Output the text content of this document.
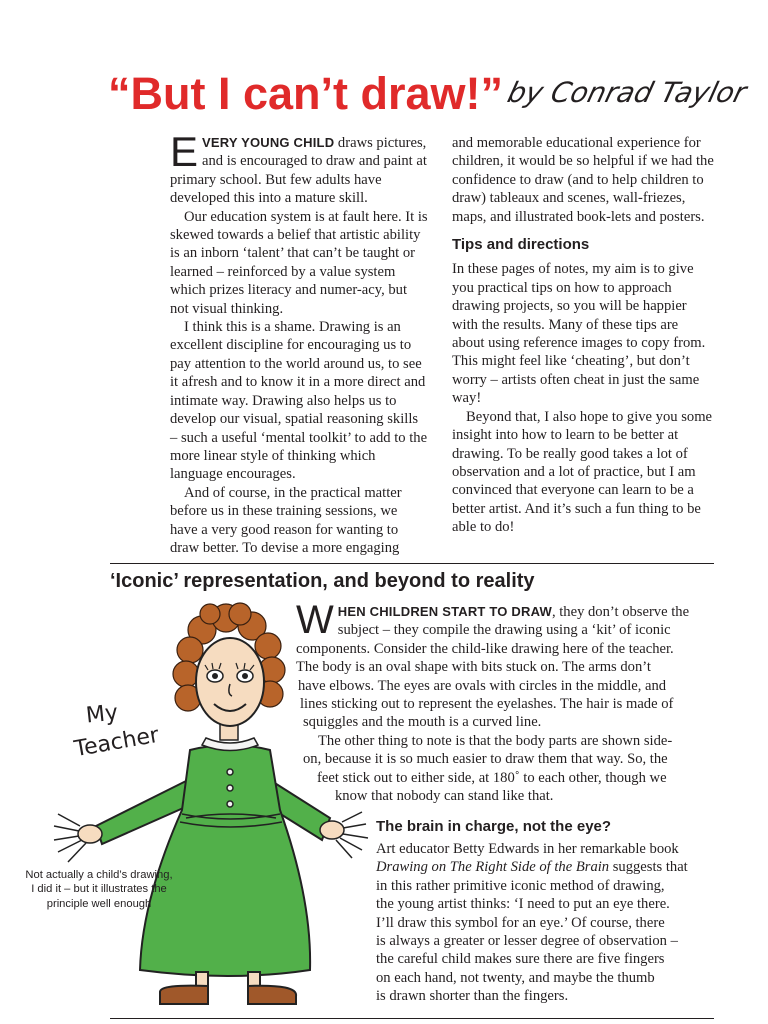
“But I can’t draw!” by Conrad Taylor

EVERY YOUNG CHILD draws pictures, and is encouraged to draw and paint at primary school. But few adults have developed this into a mature skill.

Our education system is at fault here. It is skewed towards a belief that artistic ability is an inborn ‘talent’ that can’t be taught or learned – reinforced by a value system which prizes literacy and numer-acy, but not visual thinking.

I think this is a shame. Drawing is an excellent discipline for encouraging us to pay attention to the world around us, to see it afresh and to know it in a more direct and intimate way. Drawing also helps us to develop our visual, spatial reasoning skills – such a useful ‘mental toolkit’ to add to the more linear style of thinking which language encourages.

And of course, in the practical matter before us in these training sessions, we have a very good reason for wanting to draw better. To devise a more engaging

and memorable educational experience for children, it would be so helpful if we had the confidence to draw (and to help children to draw) tableaux and scenes, wall-friezes, maps, and illustrated book-lets and posters.

Tips and directions

In these pages of notes, my aim is to give you practical tips on how to approach drawing projects, so you will be happier with the results. Many of these tips are about using reference images to copy from. This might feel like ‘cheating’, but don’t worry – artists often cheat in just the same way!

Beyond that, I also hope to give you some insight into how to learn to be better at drawing. To be really good takes a lot of observation and a lot of practice, but I am convinced that everyone can learn to be a better artist. And it’s such a fun thing to be able to do!

‘Iconic’ representation, and beyond to reality
WHEN CHILDREN START TO DRAW, they don’t observe the
subject – they compile the drawing using a ‘kit’ of iconic
components. Consider the child-like drawing here of the teacher.
The body is an oval shape with bits stuck on. The arms don’t
have elbows. The eyes are ovals with circles in the middle, and
lines sticking out to represent the eyelashes. The hair is made of
squiggles and the mouth is a curved line.
The other thing to note is that the body parts are shown side-
on, because it is so much easier to draw them that way. So, the
feet stick out to either side, at 180˚ to each other, though we
know that nobody can stand like that.
The brain in charge, not the eye?
Art educator Betty Edwards in her remarkable book
Drawing on The Right Side of the Brain suggests that
in this rather primitive iconic method of drawing,
the young artist thinks: ‘I need to put an eye there.
I’ll draw this symbol for an eye.’ Of course, there
is always a greater or lesser degree of observation –
the careful child makes sure there are five fingers
on each hand, not twenty, and maybe the thumb
is drawn shorter than the fingers.
My
Teacher

Not actually a child’s drawing, I did it – but it illustrates the principle well enough
